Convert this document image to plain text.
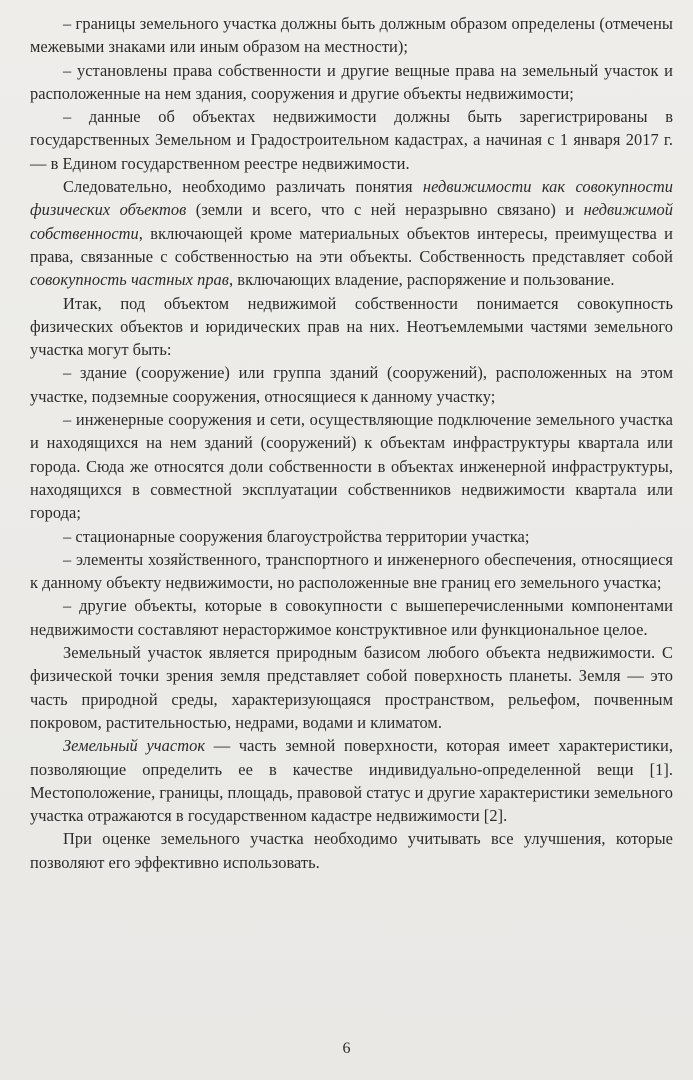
– границы земельного участка должны быть должным образом определены (отмечены межевыми знаками или иным образом на местности);

– установлены права собственности и другие вещные права на земельный участок и расположенные на нем здания, сооружения и другие объекты недвижимости;

– данные об объектах недвижимости должны быть зарегистрированы в государственных Земельном и Градостроительном кадастрах, а начиная с 1 января 2017 г. — в Едином государственном реестре недвижимости.

Следовательно, необходимо различать понятия недвижимости как совокупности физических объектов (земли и всего, что с ней неразрывно связано) и недвижимой собственности, включающей кроме материальных объектов интересы, преимущества и права, связанные с собственностью на эти объекты. Собственность представляет собой совокупность частных прав, включающих владение, распоряжение и пользование.

Итак, под объектом недвижимой собственности понимается совокупность физических объектов и юридических прав на них. Неотъемлемыми частями земельного участка могут быть:

– здание (сооружение) или группа зданий (сооружений), расположенных на этом участке, подземные сооружения, относящиеся к данному участку;

– инженерные сооружения и сети, осуществляющие подключение земельного участка и находящихся на нем зданий (сооружений) к объектам инфраструктуры квартала или города. Сюда же относятся доли собственности в объектах инженерной инфраструктуры, находящихся в совместной эксплуатации собственников недвижимости квартала или города;

– стационарные сооружения благоустройства территории участка;

– элементы хозяйственного, транспортного и инженерного обеспечения, относящиеся к данному объекту недвижимости, но расположенные вне границ его земельного участка;

– другие объекты, которые в совокупности с вышеперечисленными компонентами недвижимости составляют нерасторжимое конструктивное или функциональное целое.

Земельный участок является природным базисом любого объекта недвижимости. С физической точки зрения земля представляет собой поверхность планеты. Земля — это часть природной среды, характеризующаяся пространством, рельефом, почвенным покровом, растительностью, недрами, водами и климатом.

Земельный участок — часть земной поверхности, которая имеет характеристики, позволяющие определить ее в качестве индивидуально-определенной вещи [1]. Местоположение, границы, площадь, правовой статус и другие характеристики земельного участка отражаются в государственном кадастре недвижимости [2].

При оценке земельного участка необходимо учитывать все улучшения, которые позволяют его эффективно использовать.

6
